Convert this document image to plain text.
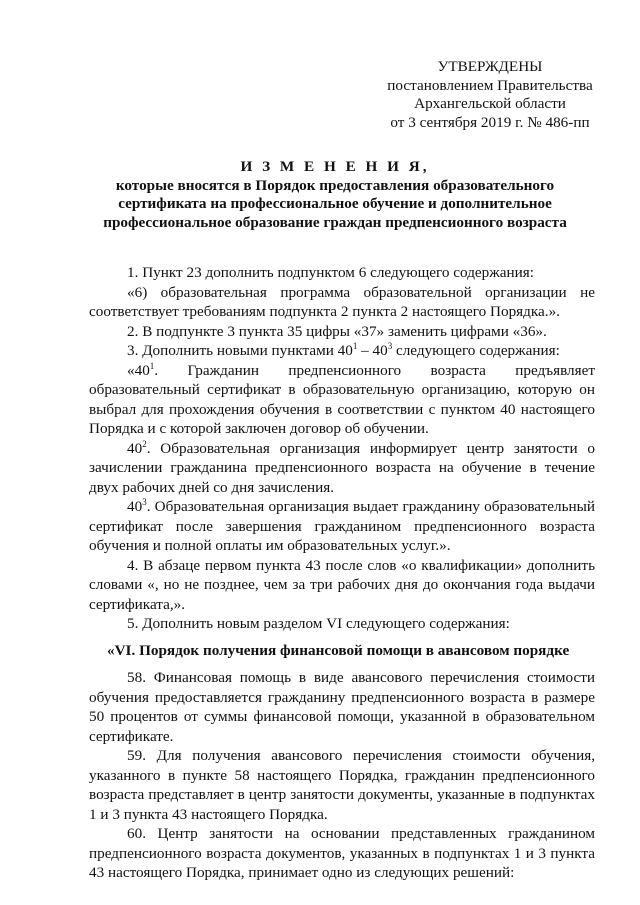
УТВЕРЖДЕНЫ
постановлением Правительства
Архангельской области
от 3 сентября 2019 г. № 486-пп
И З М Е Н Е Н И Я,
которые вносятся в Порядок предоставления образовательного
сертификата на профессиональное обучение и дополнительное
профессиональное образование граждан предпенсионного возраста

1. Пункт 23 дополнить подпунктом 6 следующего содержания:

«6) образовательная программа образовательной организации не соответствует требованиям подпункта 2 пункта 2 настоящего Порядка.».

2. В подпункте 3 пункта 35 цифры «37» заменить цифрами «36».

3. Дополнить новыми пунктами $40^1 - 40^3$ следующего содержания:

«$40^1$. Гражданин предпенсионного возраста предъявляет образовательный сертификат в образовательную организацию, которую он выбрал для прохождения обучения в соответствии с пунктом 40 настоящего Порядка и с которой заключен договор об обучении.

$40^2$. Образовательная организация информирует центр занятости о зачислении гражданина предпенсионного возраста на обучение в течение двух рабочих дней со дня зачисления.

$40^3$. Образовательная организация выдает гражданину образовательный сертификат после завершения гражданином предпенсионного возраста обучения и полной оплаты им образовательных услуг.».

4. В абзаце первом пункта 43 после слов «о квалификации» дополнить словами «, но не позднее, чем за три рабочих дня до окончания года выдачи сертификата,».

5. Дополнить новым разделом VI следующего содержания:

«VI. Порядок получения финансовой помощи в авансовом порядке

58. Финансовая помощь в виде авансового перечисления стоимости обучения предоставляется гражданину предпенсионного возраста в размере 50 процентов от суммы финансовой помощи, указанной в образовательном сертификате.

59. Для получения авансового перечисления стоимости обучения, указанного в пункте 58 настоящего Порядка, гражданин предпенсионного возраста представляет в центр занятости документы, указанные в подпунктах 1 и 3 пункта 43 настоящего Порядка.

60. Центр занятости на основании представленных гражданином предпенсионного возраста документов, указанных в подпунктах 1 и 3 пункта 43 настоящего Порядка, принимает одно из следующих решений:
